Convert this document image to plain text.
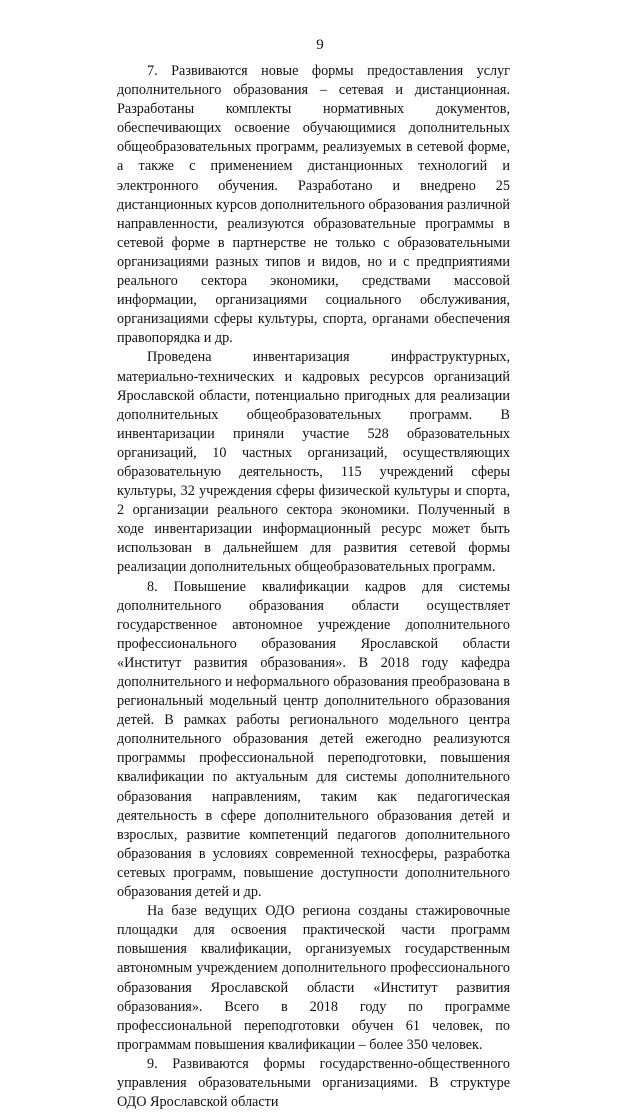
9

7. Развиваются новые формы предоставления услуг дополнительного образования – сетевая и дистанционная. Разработаны комплекты нормативных документов, обеспечивающих освоение обучающимися дополнительных общеобразовательных программ, реализуемых в сетевой форме, а также с применением дистанционных технологий и электронного обучения. Разработано и внедрено 25 дистанционных курсов дополнительного образования различной направленности, реализуются образовательные программы в сетевой форме в партнерстве не только с образовательными организациями разных типов и видов, но и с предприятиями реального сектора экономики, средствами массовой информации, организациями социального обслуживания, организациями сферы культуры, спорта, органами обеспечения правопорядка и др.

Проведена инвентаризация инфраструктурных, материально-технических и кадровых ресурсов организаций Ярославской области, потенциально пригодных для реализации дополнительных общеобразовательных программ. В инвентаризации приняли участие 528 образовательных организаций, 10 частных организаций, осуществляющих образовательную деятельность, 115 учреждений сферы культуры, 32 учреждения сферы физической культуры и спорта, 2 организации реального сектора экономики. Полученный в ходе инвентаризации информационный ресурс может быть использован в дальнейшем для развития сетевой формы реализации дополнительных общеобразовательных программ.

8. Повышение квалификации кадров для системы дополнительного образования области осуществляет государственное автономное учреждение дополнительного профессионального образования Ярославской области «Институт развития образования». В 2018 году кафедра дополнительного и неформального образования преобразована в региональный модельный центр дополнительного образования детей. В рамках работы регионального модельного центра дополнительного образования детей ежегодно реализуются программы профессиональной переподготовки, повышения квалификации по актуальным для системы дополнительного образования направлениям, таким как педагогическая деятельность в сфере дополнительного образования детей и взрослых, развитие компетенций педагогов дополнительного образования в условиях современной техносферы, разработка сетевых программ, повышение доступности дополнительного образования детей и др.

На базе ведущих ОДО региона созданы стажировочные площадки для освоения практической части программ повышения квалификации, организуемых государственным автономным учреждением дополнительного профессионального образования Ярославской области «Институт развития образования». Всего в 2018 году по программе профессиональной переподготовки обучен 61 человек, по программам повышения квалификации – более 350 человек.

9. Развиваются формы государственно-общественного управления образовательными организациями. В структуре ОДО Ярославской области
